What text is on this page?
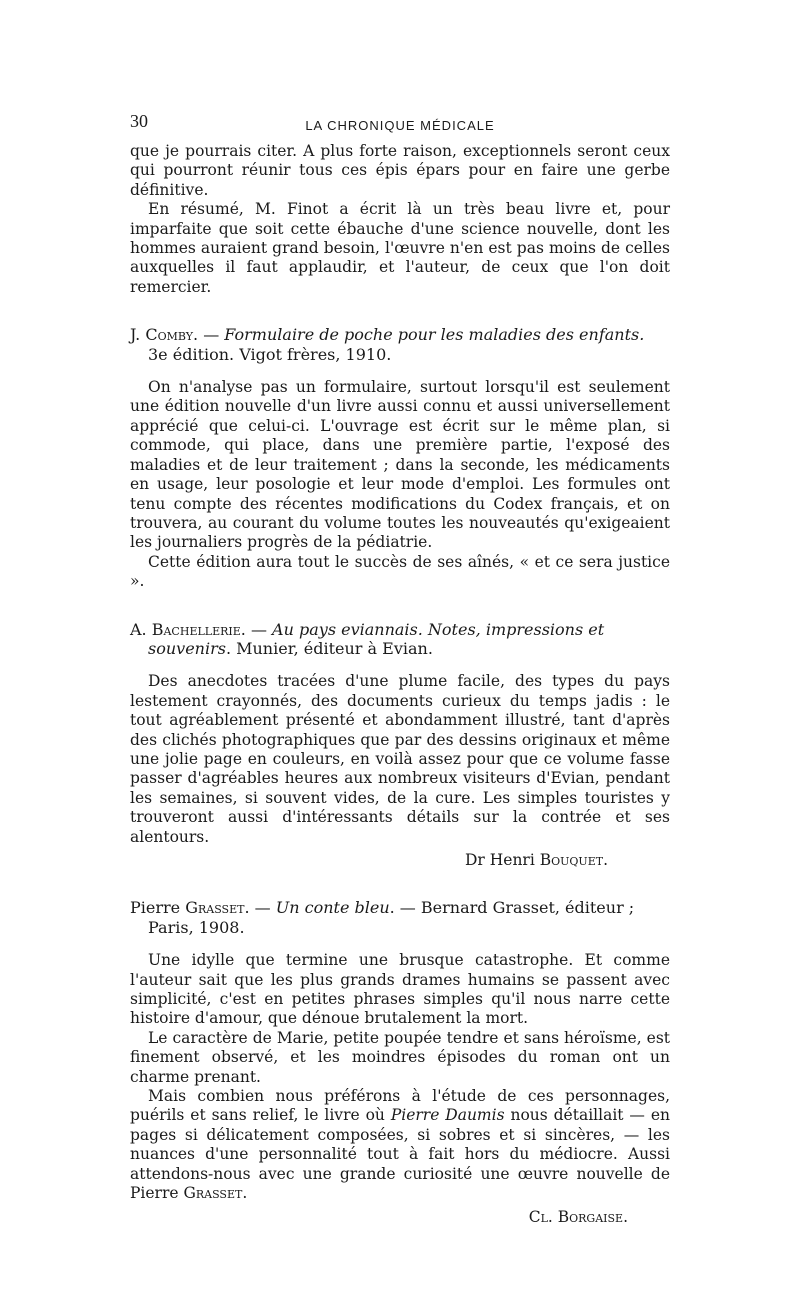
30	LA CHRONIQUE MÉDICALE

que je pourrais citer. A plus forte raison, exceptionnels seront ceux qui pourront réunir tous ces épis épars pour en faire une gerbe définitive.

En résumé, M. Finot a écrit là un très beau livre et, pour imparfaite que soit cette ébauche d'une science nouvelle, dont les hommes auraient grand besoin, l'œuvre n'en est pas moins de celles auxquelles il faut applaudir, et l'auteur, de ceux que l'on doit remercier.

J. Comby. — Formulaire de poche pour les maladies des enfants.
3e édition. Vigot frères, 1910.

On n'analyse pas un formulaire, surtout lorsqu'il est seulement une édition nouvelle d'un livre aussi connu et aussi universellement apprécié que celui-ci. L'ouvrage est écrit sur le même plan, si commode, qui place, dans une première partie, l'exposé des maladies et de leur traitement ; dans la seconde, les médicaments en usage, leur posologie et leur mode d'emploi. Les formules ont tenu compte des récentes modifications du Codex français, et on trouvera, au courant du volume toutes les nouveautés qu'exigeaient les journaliers progrès de la pédiatrie.

Cette édition aura tout le succès de ses aînés, « et ce sera justice ».

A. Bachellerie. — Au pays eviannais. Notes, impressions et souvenirs. Munier, éditeur à Evian.

Des anecdotes tracées d'une plume facile, des types du pays lestement crayonnés, des documents curieux du temps jadis : le tout agréablement présenté et abondamment illustré, tant d'après des clichés photographiques que par des dessins originaux et même une jolie page en couleurs, en voilà assez pour que ce volume fasse passer d'agréables heures aux nombreux visiteurs d'Evian, pendant les semaines, si souvent vides, de la cure. Les simples touristes y trouveront aussi d'intéressants détails sur la contrée et ses alentours.

Dr Henri Bouquet.
Pierre Grasset. — Un conte bleu. — Bernard Grasset, éditeur ; Paris, 1908.

Une idylle que termine une brusque catastrophe. Et comme l'auteur sait que les plus grands drames humains se passent avec simplicité, c'est en petites phrases simples qu'il nous narre cette histoire d'amour, que dénoue brutalement la mort.

Le caractère de Marie, petite poupée tendre et sans héroïsme, est finement observé, et les moindres épisodes du roman ont un charme prenant.

Mais combien nous préférons à l'étude de ces personnages, puérils et sans relief, le livre où Pierre Daumis nous détaillait — en pages si délicatement composées, si sobres et si sincères, — les nuances d'une personnalité tout à fait hors du médiocre. Aussi attendons-nous avec une grande curiosité une œuvre nouvelle de Pierre Grasset.

Cl. Borgaise.
